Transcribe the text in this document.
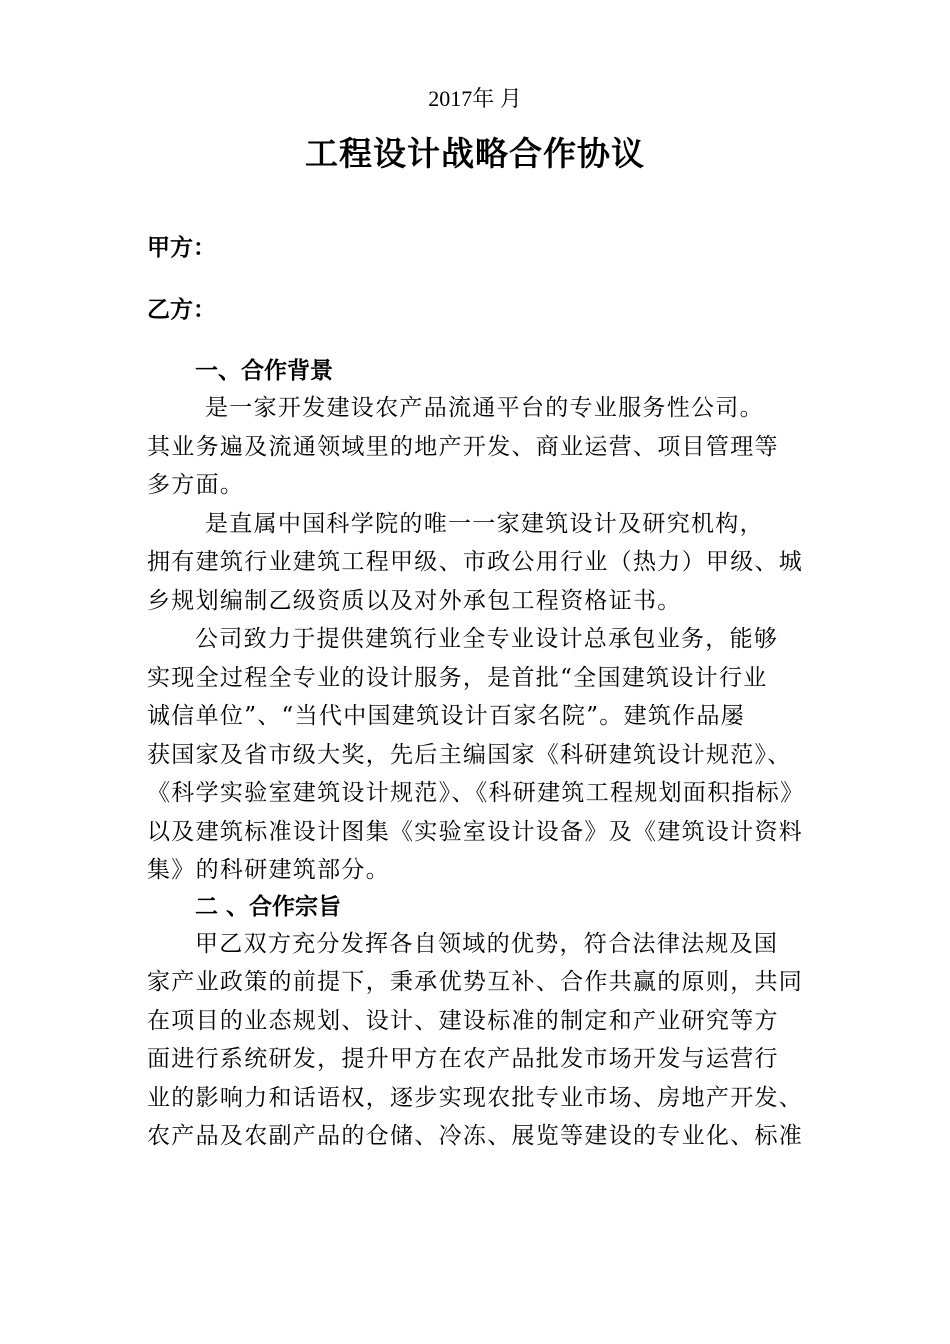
2017年 月
工程设计战略合作协议
甲方：
乙方：
一、合作背景
是一家开发建设农产品流通平台的专业服务性公司。
其业务遍及流通领域里的地产开发、商业运营、项目管理等
多方面。
是直属中国科学院的唯一一家建筑设计及研究机构，
拥有建筑行业建筑工程甲级、市政公用行业（热力）甲级、城
乡规划编制乙级资质以及对外承包工程资格证书。
公司致力于提供建筑行业全专业设计总承包业务，能够
实现全过程全专业的设计服务，是首批“全国建筑设计行业
诚信单位”、“当代中国建筑设计百家名院”。建筑作品屡
获国家及省市级大奖，先后主编国家《科研建筑设计规范》、
《科学实验室建筑设计规范》、《科研建筑工程规划面积指标》
以及建筑标准设计图集《实验室设计设备》及《建筑设计资料
集》的科研建筑部分。
二 、合作宗旨
甲乙双方充分发挥各自领域的优势，符合法律法规及国
家产业政策的前提下，秉承优势互补、合作共赢的原则，共同
在项目的业态规划、设计、建设标准的制定和产业研究等方
面进行系统研发，提升甲方在农产品批发市场开发与运营行
业的影响力和话语权，逐步实现农批专业市场、房地产开发、
农产品及农副产品的仓储、冷冻、展览等建设的专业化、标准
